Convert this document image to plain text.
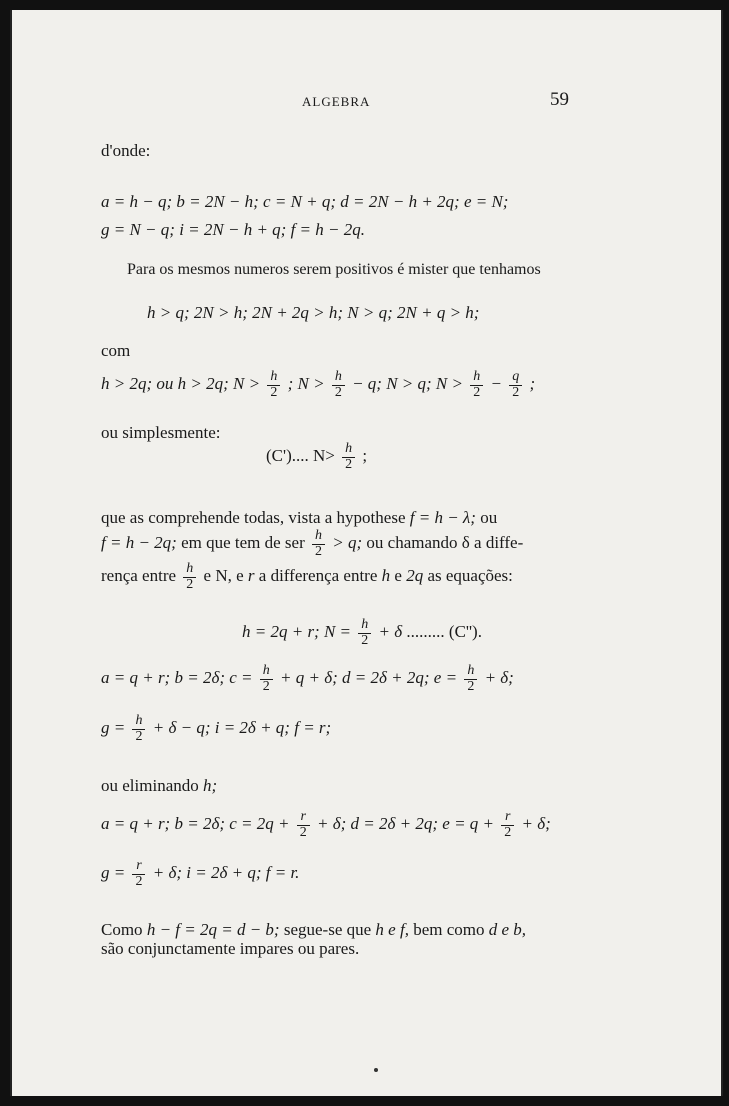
ALGEBRA	59
d'onde:
a = h − q; b = 2N − h; c = N + q; d = 2N − h + 2q; e = N;
g = N − q; i = 2N − h + q; f = h − 2q.
Para os mesmos numeros serem positivos é mister que tenhamos
h > q; 2N > h; 2N + 2q > h; N > q; 2N + q > h;
com
h > 2q; ou h > 2q; $N > \frac{h}{2}$ ; $N > \frac{h}{2} - q$; N > q; $N > \frac{h}{2} - \frac{q}{2}$ ;
ou simplesmente:
(C').... $N> \frac{h}{2}$ ;
que as comprehende todas, vista a hypothese f = h − λ; ou
f = h − 2q; em que tem de ser $\frac{h}{2} > q$; ou chamando δ a diffe-
rença entre $\frac{h}{2}$ e N, e r a differença entre h e 2q as equações:
h = 2q + r; $N = \frac{h}{2} + \delta$ ......... (C'').
a = q + r; b = 2δ; $c = \frac{h}{2} + q + \delta$; d = 2δ + 2q; $e = \frac{h}{2} + \delta$;
$g = \frac{h}{2} + \delta - q$; i = 2δ + q; f = r;
ou eliminando h;
a = q + r; b = 2δ; $c = 2q + \frac{r}{2} + \delta$; d = 2δ + 2q; $e = q + \frac{r}{2} + \delta$;
$g = \frac{r}{2} + \delta$; i = 2δ + q; f = r.
Como h − f = 2q = d − b; segue-se que h e f, bem como d e b,
são conjunctamente impares ou pares.
